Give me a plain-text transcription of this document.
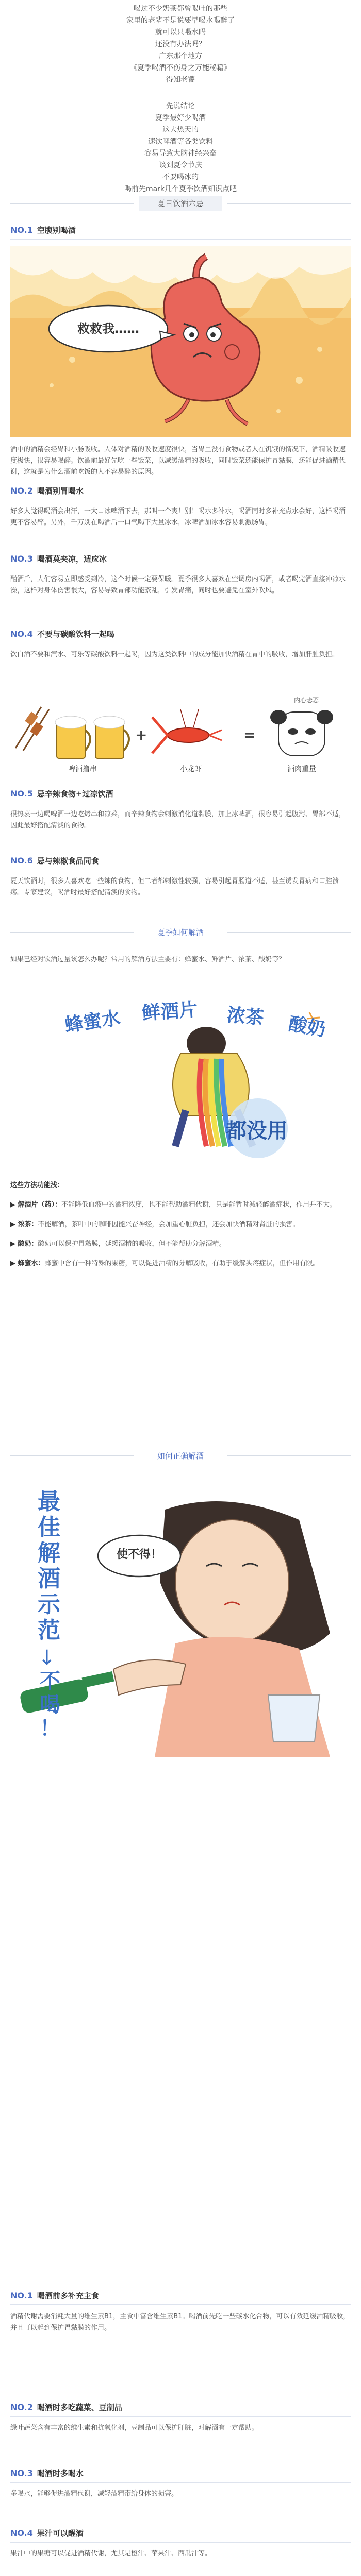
喝过不少奶茶都曾喝吐的那些
家里的老辈不是说要早喝水喝醉了
就可以只喝水吗
还没有办法吗？
广东那个地方
《夏季喝酒不伤身之万能秘籍》
得知老饕
先说结论
夏季最好少喝酒
这大热天的
速饮啤酒等各类饮料
容易导致大脑神经兴奋
谈到夏令节庆
不要喝冰的
喝前先mark几个夏季饮酒知识点吧
夏日饮酒六忌
NO.1 空腹别喝酒
救救我……
酒中的酒精会经胃和小肠吸收。人体对酒精的吸收速度很快，当胃里没有食物或者人在饥饿的情况下，酒精吸收速度极快，很容易喝醉。饮酒前最好先吃一些饭菜，以减缓酒精的吸收，同时饭菜还能保护胃黏膜，还能促进酒精代谢，这就是为什么酒前吃饭的人不容易醉的原因。
NO.2 喝酒别冒喝水
好多人觉得喝酒会出汗，一大口冰啤酒下去，那叫一个爽！别！喝水多补水，喝酒同时多补充点水会好，这样喝酒更不容易醉。另外，千万别在喝酒后一口气喝下大量冰水，冰啤酒加冰水容易刺激肠胃。
NO.3 喝酒莫夹凉，适应冰
酗酒后，人们容易立即感受到冷，这个时候一定要保暖。夏季很多人喜欢在空调房内喝酒，或者喝完酒直接冲凉水澡，这样对身体伤害很大，容易导致胃部功能紊乱，引发胃痛，同时也要避免在室外吹风。
NO.4 不要与碳酸饮料一起喝
饮白酒不要和汽水、可乐等碳酸饮料一起喝，因为这类饮料中的成分能加快酒精在胃中的吸收，增加肝脏负担。
+	=
内心忐忑
啤酒撸串	小龙虾	酒肉重量
NO.5 忌辛辣食物+过凉饮酒
很热衷一边喝啤酒一边吃烤串和凉菜，而辛辣食物会刺激消化道黏膜，加上冰啤酒，很容易引起腹泻、胃部不适，因此最好搭配清淡的食物。
NO.6 忌与辣椒食品同食
夏天饮酒时，很多人喜欢吃一些辣的食物，但二者都刺激性较强，容易引起胃肠道不适，甚至诱发胃病和口腔溃疡。专家建议，喝酒时最好搭配清淡的食物。
夏季如何解酒
如果已经对饮酒过量该怎么办呢？常用的解酒方法主要有：蜂蜜水、鲜酒片、浓茶、酸奶等？
蜂蜜水 鲜酒片 浓茶 酸奶
都没用

这些方法功能浅：

▶ 解酒片（药）：不能降低血液中的酒精浓度，也不能帮助酒精代谢，只是能暂时减轻醉酒症状，作用并不大。

▶ 浓茶：不能解酒，茶叶中的咖啡因能兴奋神经，会加重心脏负担，还会加快酒精对肾脏的损害。

▶ 酸奶：酸奶可以保护胃黏膜，延缓酒精的吸收，但不能帮助分解酒精。

▶ 蜂蜜水：蜂蜜中含有一种特殊的果糖，可以促进酒精的分解吸收，有助于缓解头疼症状，但作用有限。

如何正确解酒
最佳解酒示范
↓
不喝！
使不得！
NO.1 喝酒前多补充主食
酒精代谢需要消耗大量的维生素B1，主食中富含维生素B1。喝酒前先吃一些碳水化合物，可以有效延缓酒精吸收，并且可以起到保护胃黏膜的作用。
NO.2 喝酒时多吃蔬菜、豆制品
绿叶蔬菜含有丰富的维生素和抗氧化剂，豆制品可以保护肝脏，对解酒有一定帮助。
NO.3 喝酒时多喝水
多喝水，能够促进酒精代谢，减轻酒精带给身体的损害。
NO.4 果汁可以醒酒
果汁中的果糖可以促进酒精代谢，尤其是橙汁、苹果汁、西瓜汁等。
